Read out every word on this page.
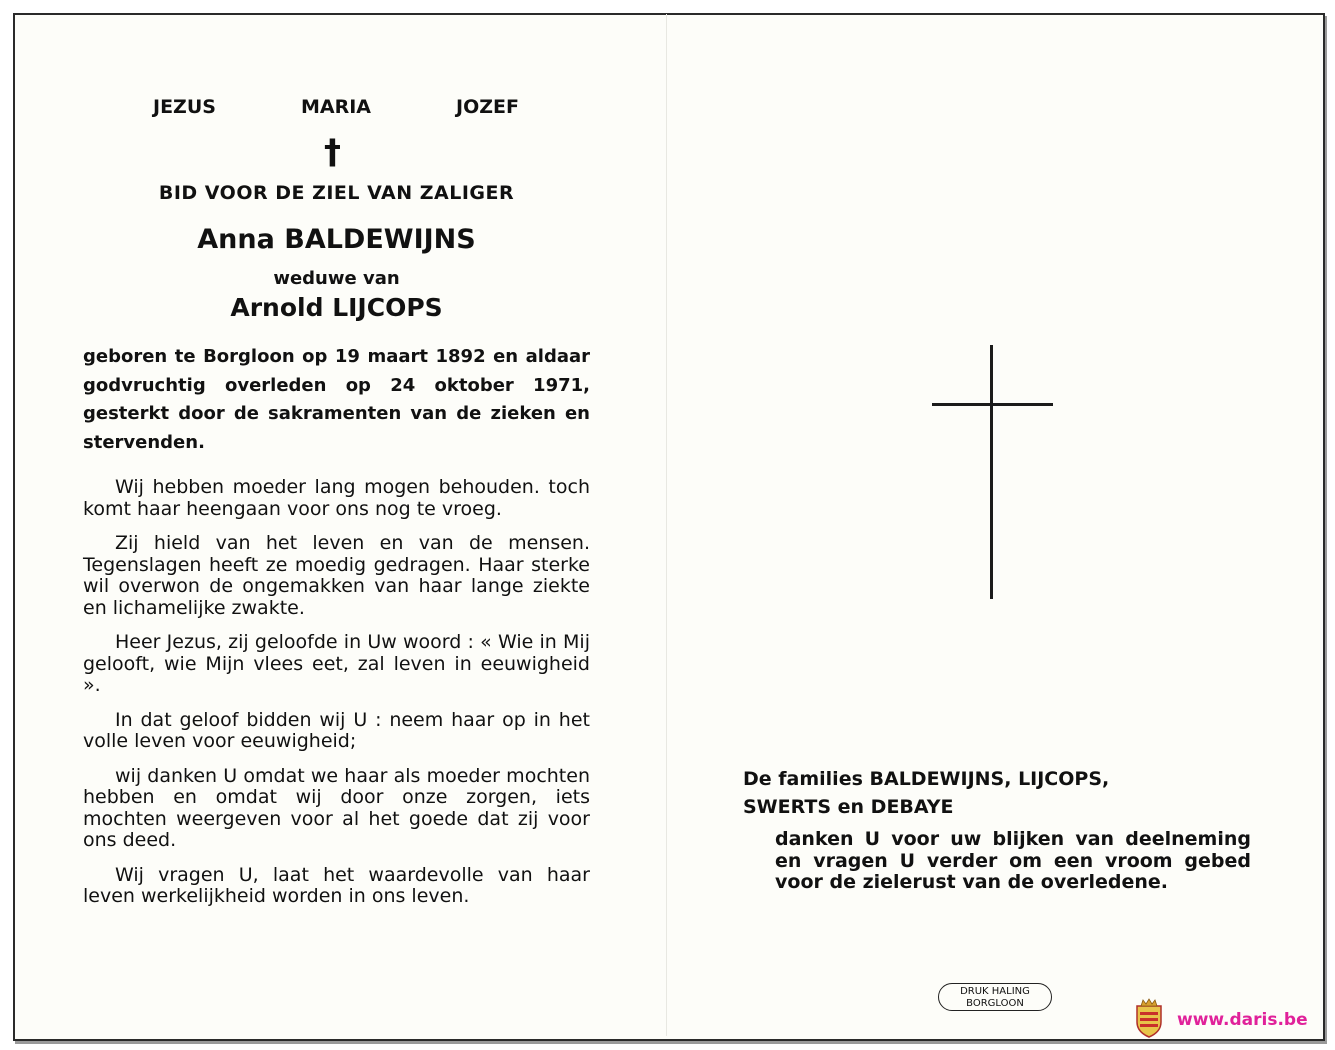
JEZUS	MARIA	JOZEF
†
BID VOOR DE ZIEL VAN ZALIGER
Anna BALDEWIJNS
weduwe van
Arnold LIJCOPS
geboren te Borgloon op 19 maart 1892 en aldaar godvruchtig overleden op 24 oktober 1971, gesterkt door de sakramenten van de zieken en stervenden.

Wij hebben moeder lang mogen behouden. toch komt haar heengaan voor ons nog te vroeg.

Zij hield van het leven en van de mensen. Tegenslagen heeft ze moedig gedragen. Haar sterke wil overwon de ongemakken van haar lange ziekte en lichamelijke zwakte.

Heer Jezus, zij geloofde in Uw woord : « Wie in Mij gelooft, wie Mijn vlees eet, zal leven in eeuwigheid ».

In dat geloof bidden wij U : neem haar op in het volle leven voor eeuwigheid;

wij danken U omdat we haar als moeder mochten hebben en omdat wij door onze zorgen, iets mochten weergeven voor al het goede dat zij voor ons deed.

Wij vragen U, laat het waardevolle van haar leven werkelijkheid worden in ons leven.

De families BALDEWIJNS, LIJCOPS,
SWERTS en DEBAYE
danken U voor uw blijken van deelneming en vragen U verder om een vroom gebed voor de zielerust van de overledene.
DRUK HALING
BORGLOON
www.daris.be
